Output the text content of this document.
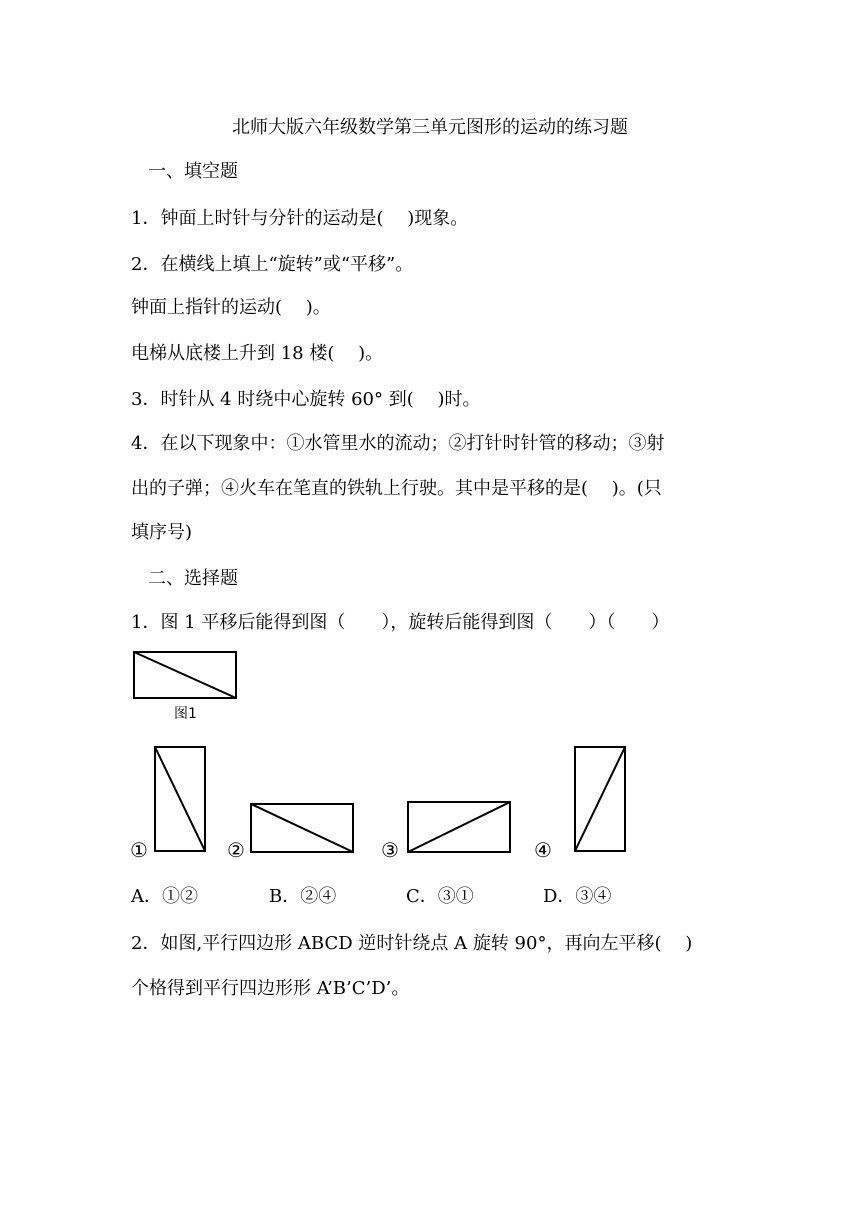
北师大版六年级数学第三单元图形的运动的练习题
一、填空题
1．钟面上时针与分针的运动是(　 )现象。
2．在横线上填上“旋转”或“平移”。
钟面上指针的运动(　 )。
电梯从底楼上升到 18 楼(　 )。
3．时针从 4 时绕中心旋转 60° 到(　 )时。
4．在以下现象中：①水管里水的流动；②打针时针管的移动；③射
出的子弹；④火车在笔直的铁轨上行驶。其中是平移的是(　 )。(只
填序号)
二、选择题
1．图 1 平移后能得到图（　　），旋转后能得到图（　　）（　　）
图1
①	②	③	④
A．①②	B．②④	C．③①	D．③④
2．如图,平行四边形 ABCD 逆时针绕点 A 旋转 90°，再向左平移(　 )
个格得到平行四边形形 A’B’C’D’。
